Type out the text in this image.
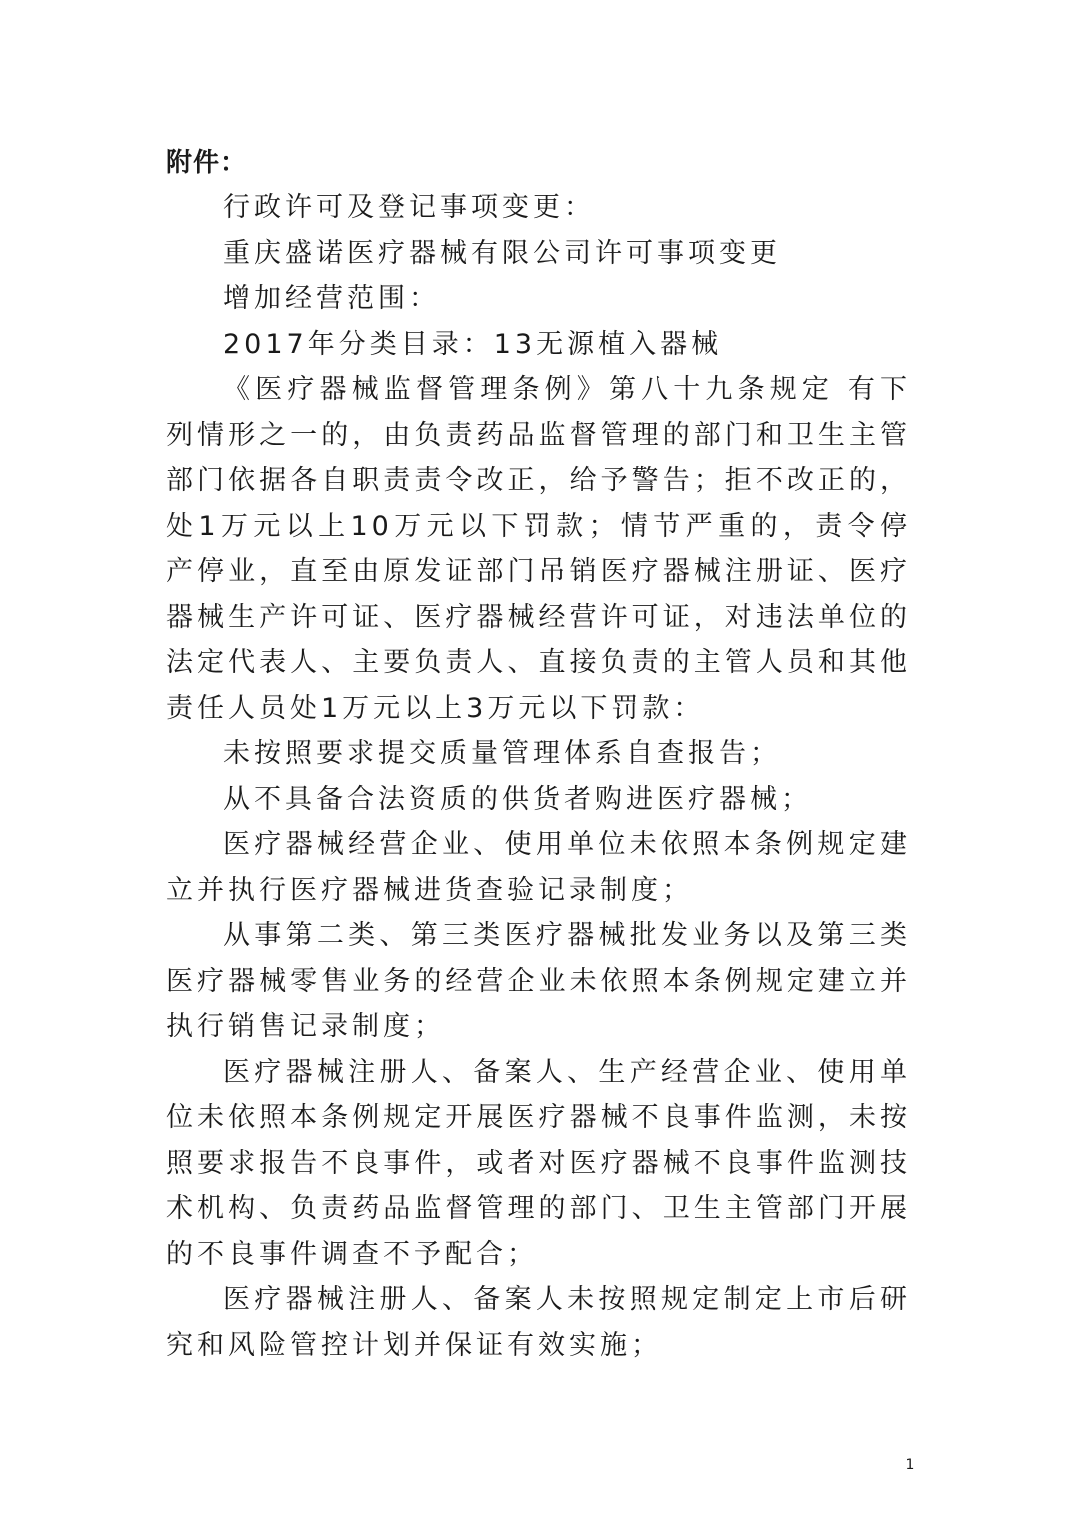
附件：

行政许可及登记事项变更：

重庆盛诺医疗器械有限公司许可事项变更

增加经营范围：

2017年分类目录：13无源植入器械

《医疗器械监督管理条例》第八十九条规定 有下列情形之一的，由负责药品监督管理的部门和卫生主管部门依据各自职责责令改正，给予警告；拒不改正的，处1万元以上10万元以下罚款；情节严重的，责令停产停业，直至由原发证部门吊销医疗器械注册证、医疗器械生产许可证、医疗器械经营许可证，对违法单位的法定代表人、主要负责人、直接负责的主管人员和其他责任人员处1万元以上3万元以下罚款：

未按照要求提交质量管理体系自查报告；

从不具备合法资质的供货者购进医疗器械；

医疗器械经营企业、使用单位未依照本条例规定建立并执行医疗器械进货查验记录制度；

从事第二类、第三类医疗器械批发业务以及第三类医疗器械零售业务的经营企业未依照本条例规定建立并执行销售记录制度；

医疗器械注册人、备案人、生产经营企业、使用单位未依照本条例规定开展医疗器械不良事件监测，未按照要求报告不良事件，或者对医疗器械不良事件监测技术机构、负责药品监督管理的部门、卫生主管部门开展的不良事件调查不予配合；

医疗器械注册人、备案人未按照规定制定上市后研究和风险管控计划并保证有效实施；

1
